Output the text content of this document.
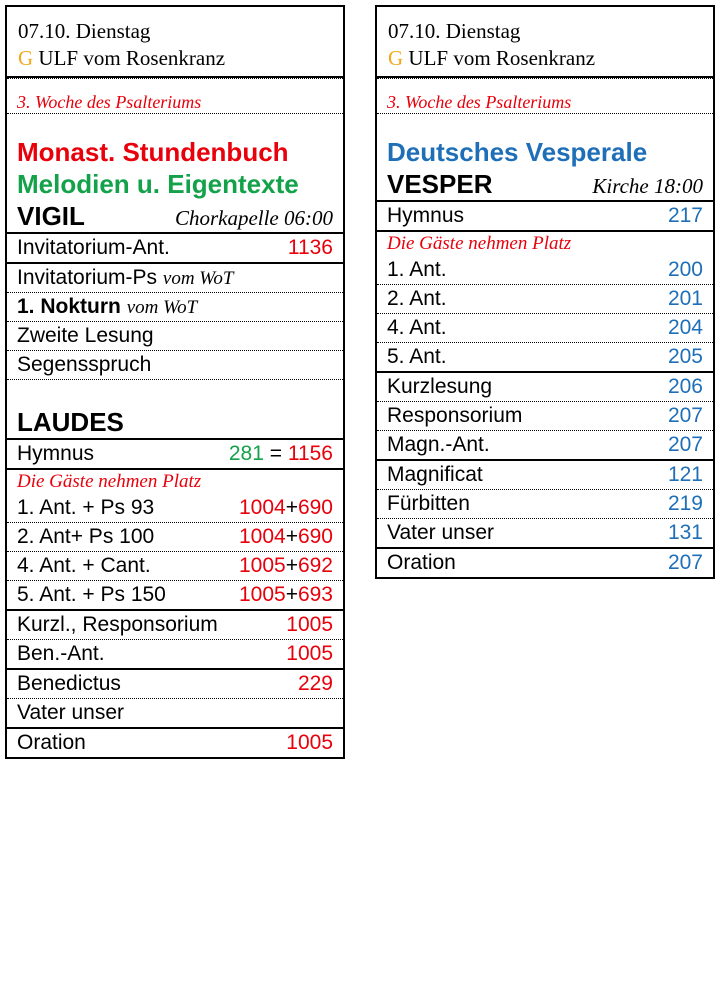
07.10. Dienstag
G ULF vom Rosenkranz
3. Woche des Psalteriums
Monast. Stundenbuch
Melodien u. Eigentexte
VIGIL	Chorkapelle 06:00
Invitatorium-Ant.	1136
Invitatorium-Ps vom WoT
1. Nokturn vom WoT
Zweite Lesung
Segensspruch
LAUDES
Hymnus	281 = 1156
Die Gäste nehmen Platz
1. Ant. + Ps 93	1004+690
2. Ant+ Ps 100	1004+690
4. Ant. + Cant.	1005+692
5. Ant. + Ps 150	1005+693
Kurzl., Responsorium	1005
Ben.-Ant.	1005
Benedictus	229
Vater unser
Oration	1005
07.10. Dienstag
G ULF vom Rosenkranz
3. Woche des Psalteriums
Deutsches Vesperale
VESPER	Kirche 18:00
Hymnus	217
Die Gäste nehmen Platz
1. Ant.	200
2. Ant.	201
4. Ant.	204
5. Ant.	205
Kurzlesung	206
Responsorium	207
Magn.-Ant.	207
Magnificat	121
Fürbitten	219
Vater unser	131
Oration	207
